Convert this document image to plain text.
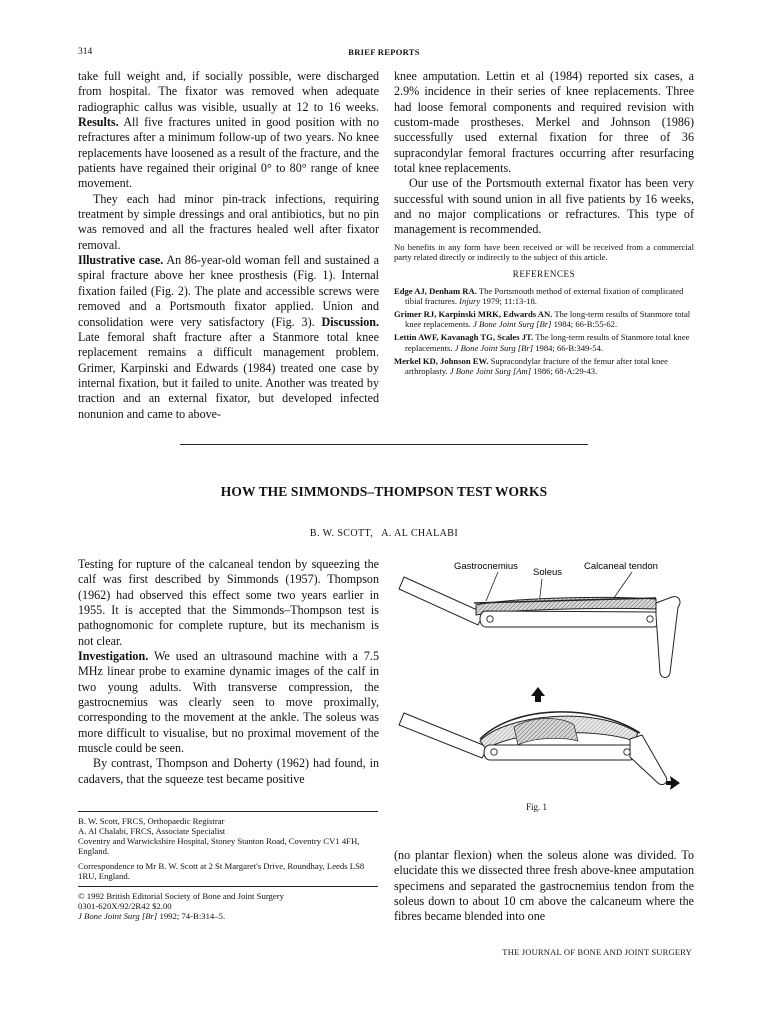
314	BRIEF REPORTS

take full weight and, if socially possible, were discharged from hospital. The fixator was removed when adequate radiographic callus was visible, usually at 12 to 16 weeks. Results. All five fractures united in good position with no refractures after a minimum follow-up of two years. No knee replacements have loosened as a result of the fracture, and the patients have regained their original 0° to 80° range of knee movement.

They each had minor pin-track infections, requiring treatment by simple dressings and oral antibiotics, but no pin was removed and all the fractures healed well after fixator removal.

Illustrative case. An 86-year-old woman fell and sustained a spiral fracture above her knee prosthesis (Fig. 1). Internal fixation failed (Fig. 2). The plate and accessible screws were removed and a Portsmouth fixator applied. Union and consolidation were very satisfactory (Fig. 3). Discussion. Late femoral shaft fracture after a Stanmore total knee replacement remains a difficult management problem. Grimer, Karpinski and Edwards (1984) treated one case by internal fixation, but it failed to unite. Another was treated by traction and an external fixator, but developed infected nonunion and came to above-

knee amputation. Lettin et al (1984) reported six cases, a 2.9% incidence in their series of knee replacements. Three had loose femoral components and required revision with custom-made prostheses. Merkel and Johnson (1986) successfully used external fixation for three of 36 supracondylar femoral fractures occurring after resurfacing total knee replacements.

Our use of the Portsmouth external fixator has been very successful with sound union in all five patients by 16 weeks, and no major complications or refractures. This type of management is recommended.

No benefits in any form have been received or will be received from a commercial party related directly or indirectly to the subject of this article.

REFERENCES

Edge AJ, Denham RA. The Portsmouth method of external fixation of complicated tibial fractures. Injury 1979; 11:13-18.

Grimer RJ, Karpinski MRK, Edwards AN. The long-term results of Stanmore total knee replacements. J Bone Joint Surg [Br] 1984; 66-B:55-62.

Lettin AWF, Kavanagh TG, Scales JT. The long-term results of Stanmore total knee replacements. J Bone Joint Surg [Br] 1984; 66-B:349-54.

Merkel KD, Johnson EW. Supracondylar fracture of the femur after total knee arthroplasty. J Bone Joint Surg [Am] 1986; 68-A:29-43.

HOW THE SIMMONDS–THOMPSON TEST WORKS
B. W. SCOTT,   A. AL CHALABI

Testing for rupture of the calcaneal tendon by squeezing the calf was first described by Simmonds (1957). Thompson (1962) had observed this effect some two years earlier in 1955. It is accepted that the Simmonds–Thompson test is pathognomonic for complete rupture, but its mechanism is not clear.

Investigation. We used an ultrasound machine with a 7.5 MHz linear probe to examine dynamic images of the calf in two young adults. With transverse compression, the gastrocnemius was clearly seen to move proximally, corresponding to the movement at the ankle. The soleus was more difficult to visualise, but no proximal movement of the muscle could be seen.

By contrast, Thompson and Doherty (1962) had found, in cadavers, that the squeeze test became positive

B. W. Scott, FRCS, Orthopaedic Registrar

A. Al Chalabi, FRCS, Associate Specialist

Coventry and Warwickshire Hospital, Stoney Stanton Road, Coventry CV1 4FH, England.

Correspondence to Mr B. W. Scott at 2 St Margaret's Drive, Roundhay, Leeds LS8 1RU, England.

© 1992 British Editorial Society of Bone and Joint Surgery

0301-620X/92/2R42 $2.00

J Bone Joint Surg [Br] 1992; 74-B:314–5.

Gastrocnemius
Soleus
Calcaneal tendon
Fig. 1

(no plantar flexion) when the soleus alone was divided. To elucidate this we dissected three fresh above-knee amputation specimens and separated the gastrocnemius tendon from the soleus down to about 10 cm above the calcaneum where the fibres became blended into one

THE JOURNAL OF BONE AND JOINT SURGERY
